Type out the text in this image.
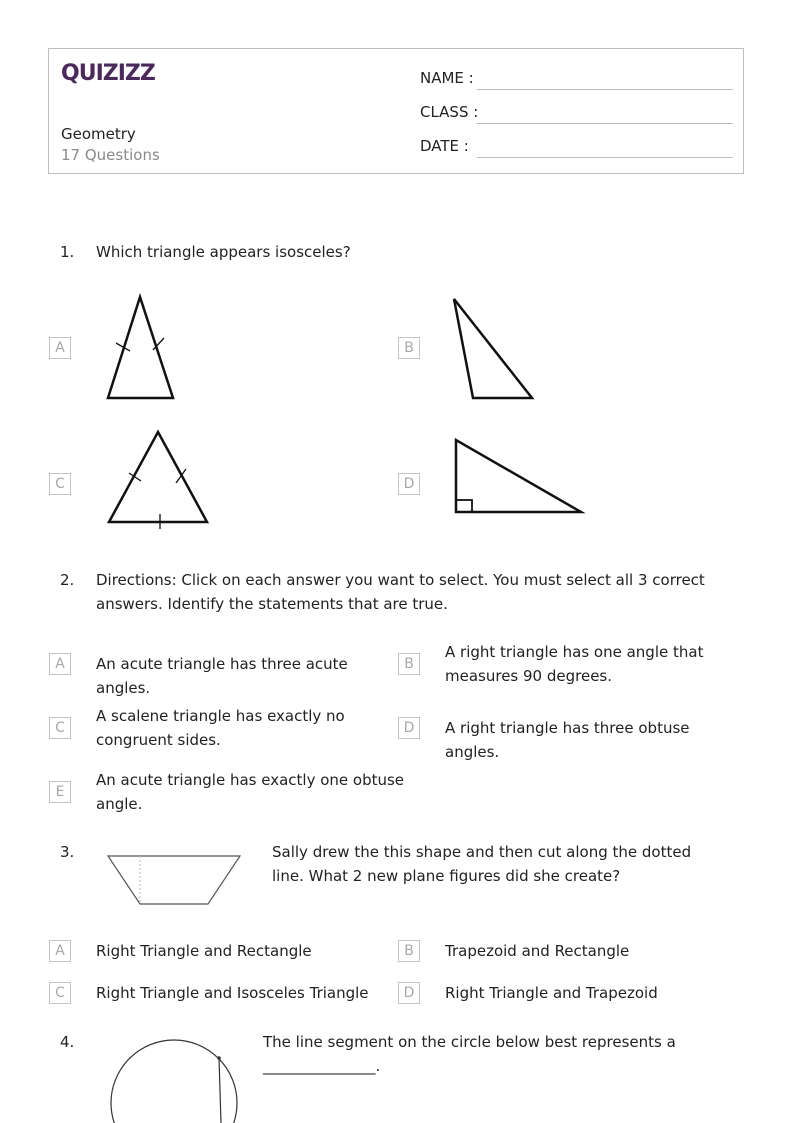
QUIZIZZ
Geometry
17 Questions
NAME :
CLASS :
DATE :
1. Which triangle appears isosceles?
A	B
C	D
2. Directions: Click on each answer you want to select. You must select all 3 correct answers. Identify the statements that are true.
A	An acute triangle has three acute angles.
B
A right triangle has one angle that measures 90 degrees.
C
A scalene triangle has exactly no congruent sides.
D	A right triangle has three obtuse angles.
E
An acute triangle has exactly one obtuse angle.
3.	Sally drew the this shape and then cut along the dotted line. What 2 new plane figures did she create?
A	Right Triangle and Rectangle	B	Trapezoid and Rectangle
C	Right Triangle and Isosceles Triangle	D	Right Triangle and Trapezoid
4.	The line segment on the circle below best represents a _______________.
